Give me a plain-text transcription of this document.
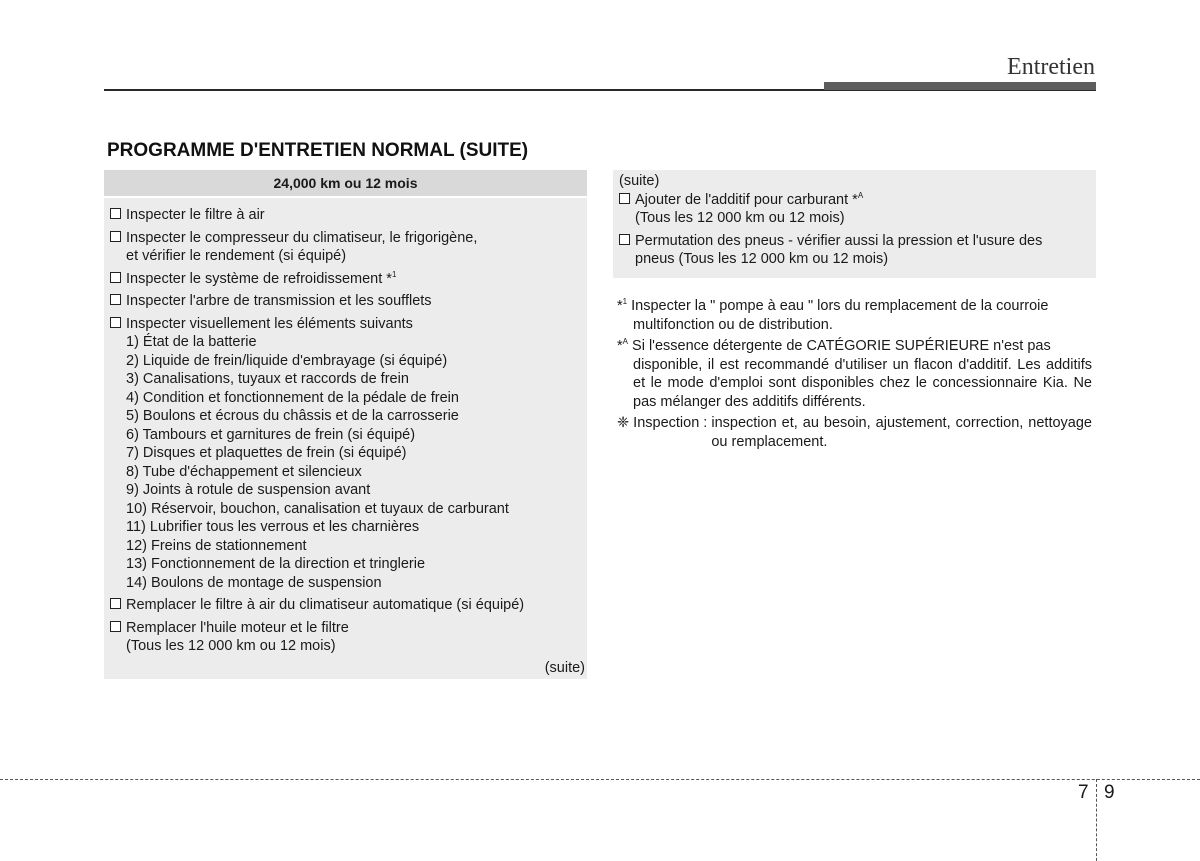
Entretien
PROGRAMME D'ENTRETIEN NORMAL (SUITE)
24,000 km ou 12 mois
Inspecter le filtre à air
Inspecter le compresseur du climatiseur, le frigorigène,
et vérifier le rendement (si équipé)
Inspecter le système de refroidissement *$^1$
Inspecter l'arbre de transmission et les soufflets
Inspecter visuellement les éléments suivants
1) État de la batterie
2) Liquide de frein/liquide d'embrayage (si équipé)
3) Canalisations, tuyaux et raccords de frein
4) Condition et fonctionnement de la pédale de frein
5) Boulons et écrous du châssis et de la carrosserie
6) Tambours et garnitures de frein (si équipé)
7) Disques et plaquettes de frein (si équipé)
8) Tube d'échappement et silencieux
9) Joints à rotule de suspension avant
10) Réservoir, bouchon, canalisation et tuyaux de carburant
11) Lubrifier tous les verrous et les charnières
12) Freins de stationnement
13) Fonctionnement de la direction et tringlerie
14) Boulons de montage de suspension
Remplacer le filtre à air du climatiseur automatique (si équipé)
Remplacer l'huile moteur et le filtre
(Tous les 12 000 km ou 12 mois)
(suite)
(suite)
Ajouter de l'additif pour carburant *$^A$
(Tous les 12 000 km ou 12 mois)
Permutation des pneus - vérifier aussi la pression et l'usure des
pneus (Tous les 12 000 km ou 12 mois)
*$^1$ Inspecter la " pompe à eau " lors du remplacement de la courroie
multifonction ou de distribution.
*$^A$ Si l'essence détergente de CATÉGORIE SUPÉRIEURE n'est pas
disponible, il est recommandé d'utiliser un flacon d'additif. Les additifs et le mode d'emploi sont disponibles chez le concessionnaire Kia. Ne pas mélanger des additifs différents.
❈ Inspection : inspection et, au besoin, ajustement, correction, nettoyage ou remplacement.
7 9
